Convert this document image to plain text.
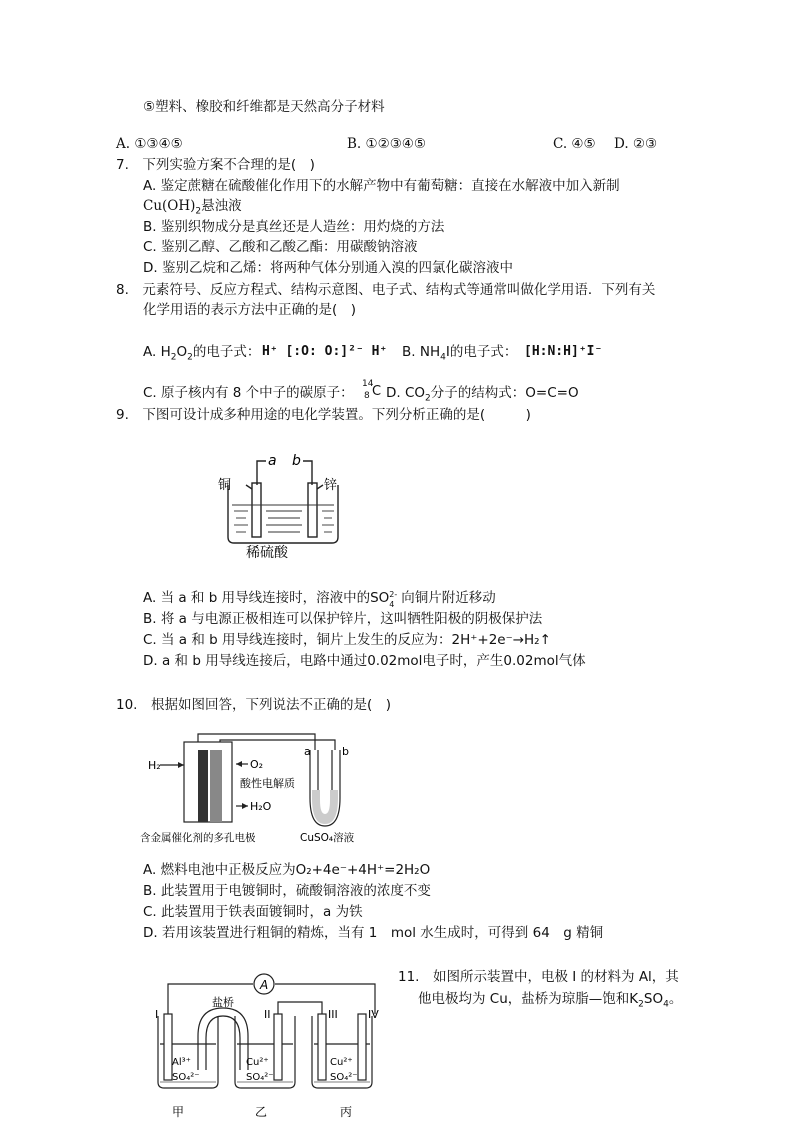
⑤塑料、橡胶和纤维都是天然高分子材料
A. ①③④⑤	B. ①②③④⑤	C. ④⑤ D. ②③
7.　下列实验方案不合理的是(　)
A. 鉴定蔗糖在硫酸催化作用下的水解产物中有葡萄糖：直接在水解液中加入新制
$Cu(OH)_2$悬浊液
B. 鉴别织物成分是真丝还是人造丝：用灼烧的方法
C. 鉴别乙醇、乙酸和乙酸乙酯：用碳酸钠溶液
D. 鉴别乙烷和乙烯：将两种气体分别通入溴的四氯化碳溶液中
8.　元素符号、反应方程式、结构示意图、电子式、结构式等通常叫做化学用语．下列有关
化学用语的表示方法中正确的是(　)
A. $H_2O_2$的电子式： H⁺ [:O: O:]²⁻ H⁺ B. $NH_4I$的电子式： [H:N:H]⁺I⁻
C. 原子核内有 8 个中子的碳原子：
14
8 C D. $CO_2$分子的结构式：O=C=O
9.　下图可设计成多种用途的电化学装置。下列分析正确的是(　　　)
a b
铜	锌
稀硫酸
A. 当 a 和 b 用导线连接时，溶液中的SO 2-
4 向铜片附近移动
B. 将 a 与电源正极相连可以保护锌片，这叫牺牲阳极的阴极保护法
C. 当 a 和 b 用导线连接时，铜片上发生的反应为：2H⁺+2e⁻→H₂↑
D. a 和 b 用导线连接后，电路中通过0.02mol电子时，产生0.02mol气体
10.　根据如图回答，下列说法不正确的是(　)
H₂	O₂
酸性电解质
H₂O
a	b
含金属催化剂的多孔电极	CuSO₄溶液
A. 燃料电池中正极反应为O₂+4e⁻+4H⁺=2H₂O
B. 此装置用于电镀铜时，硫酸铜溶液的浓度不变
C. 此装置用于铁表面镀铜时，a 为铁
D. 若用该装置进行粗铜的精炼，当有 1　mol 水生成时，可得到 64　g 精铜
11.　如图所示装置中，电极 I 的材料为 Al，其
他电极均为 Cu，盐桥为琼脂—饱和$K_2SO_4$。
A
盐桥
I	II	III	IV
Al³⁺
SO₄²⁻
Cu²⁺
SO₄²⁻
Cu²⁺
SO₄²⁻
甲	乙	丙
